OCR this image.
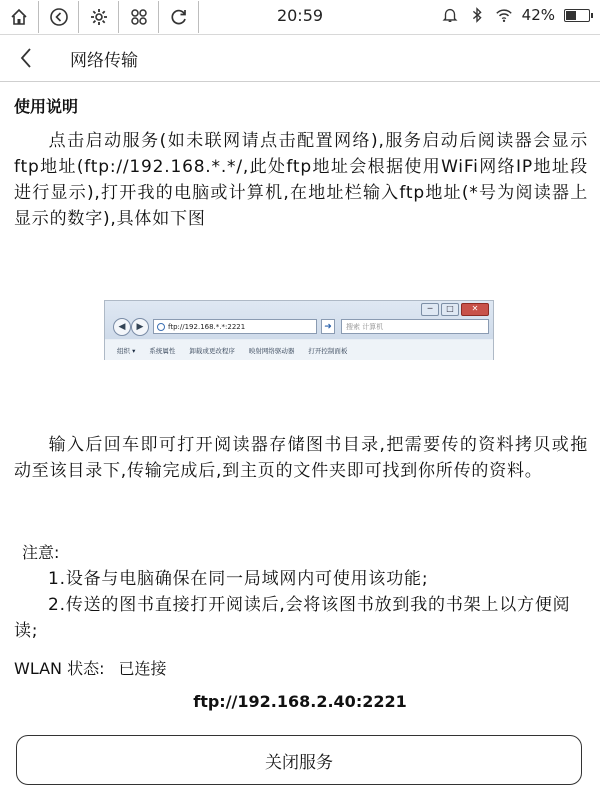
20:59	42%
网络传输
使用说明
点击启动服务(如未联网请点击配置网络),服务启动后阅读器会显示ftp地址(ftp://192.168.*.*/,此处ftp地址会根据使用WiFi网络IP地址段进行显示),打开我的电脑或计算机,在地址栏输入ftp地址(*号为阅读器上显示的数字),具体如下图
─	□	✕
◀	▶	ftp://192.168.*.*:2221	➜	搜索 计算机
组织 ▾ 系统属性 卸载或更改程序 映射网络驱动器 打开控制面板
输入后回车即可打开阅读器存储图书目录,把需要传的资料拷贝或拖动至该目录下,传输完成后,到主页的文件夹即可找到你所传的资料。
注意:
1.设备与电脑确保在同一局域网内可使用该功能;
2.传送的图书直接打开阅读后,会将该图书放到我的书架上以方便阅读;
WLAN 状态: 已连接
ftp://192.168.2.40:2221
关闭服务
